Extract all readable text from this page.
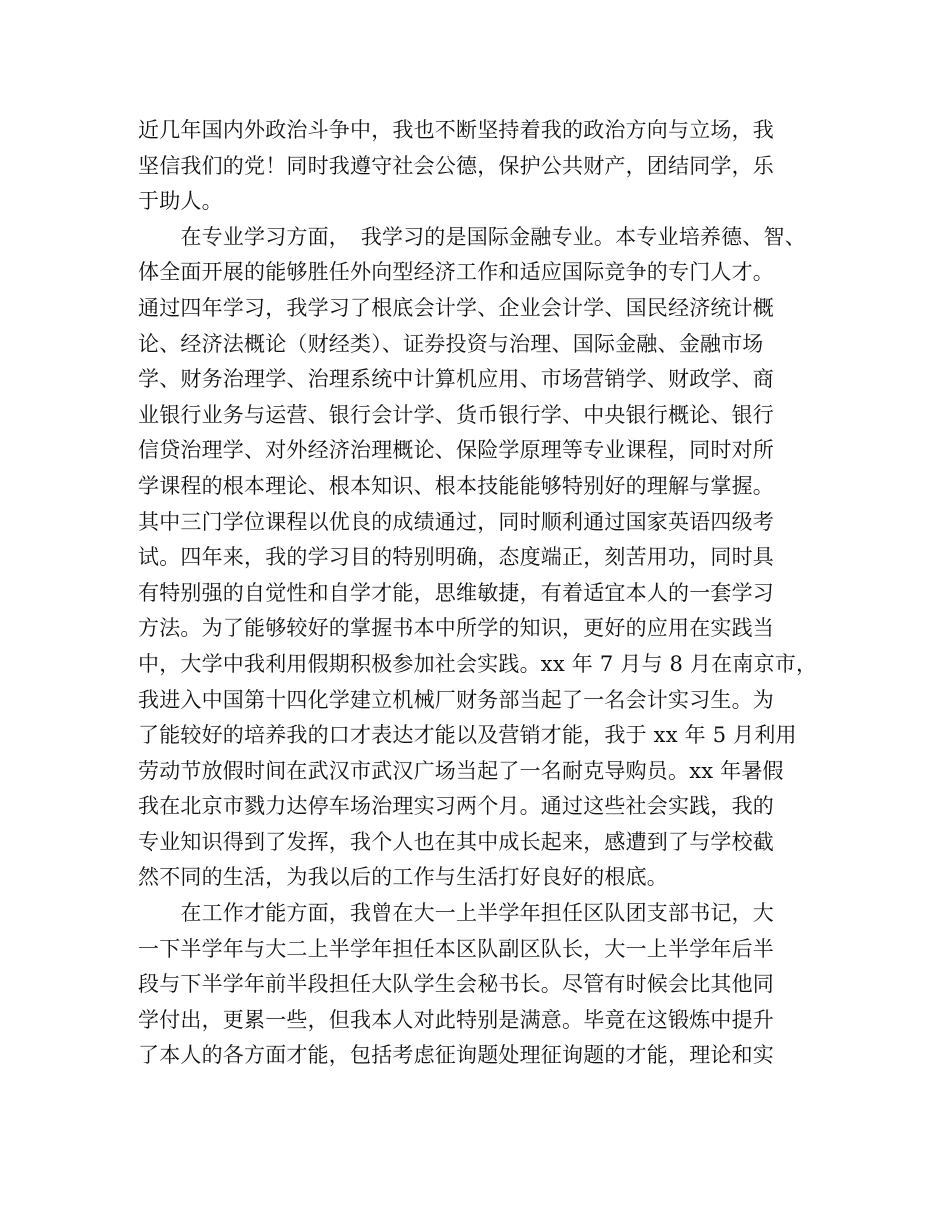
近几年国内外政治斗争中，我也不断坚持着我的政治方向与立场，我
坚信我们的党！同时我遵守社会公德，保护公共财产，团结同学，乐
于助人。
　　在专业学习方面，　我学习的是国际金融专业。本专业培养德、智、
体全面开展的能够胜任外向型经济工作和适应国际竞争的专门人才。
通过四年学习，我学习了根底会计学、企业会计学、国民经济统计概
论、经济法概论（财经类）、证券投资与治理、国际金融、金融市场
学、财务治理学、治理系统中计算机应用、市场营销学、财政学、商
业银行业务与运营、银行会计学、货币银行学、中央银行概论、银行
信贷治理学、对外经济治理概论、保险学原理等专业课程，同时对所
学课程的根本理论、根本知识、根本技能能够特别好的理解与掌握。
其中三门学位课程以优良的成绩通过，同时顺利通过国家英语四级考
试。四年来，我的学习目的特别明确，态度端正，刻苦用功，同时具
有特别强的自觉性和自学才能，思维敏捷，有着适宜本人的一套学习
方法。为了能够较好的掌握书本中所学的知识，更好的应用在实践当
中，大学中我利用假期积极参加社会实践。xx 年 7 月与 8 月在南京市，
我进入中国第十四化学建立机械厂财务部当起了一名会计实习生。为
了能较好的培养我的口才表达才能以及营销才能，我于 xx 年 5 月利用
劳动节放假时间在武汉市武汉广场当起了一名耐克导购员。xx 年暑假
我在北京市戮力达停车场治理实习两个月。通过这些社会实践，我的
专业知识得到了发挥，我个人也在其中成长起来，感遭到了与学校截
然不同的生活，为我以后的工作与生活打好良好的根底。
　　在工作才能方面，我曾在大一上半学年担任区队团支部书记，大
一下半学年与大二上半学年担任本区队副区队长，大一上半学年后半
段与下半学年前半段担任大队学生会秘书长。尽管有时候会比其他同
学付出，更累一些，但我本人对此特别是满意。毕竟在这锻炼中提升
了本人的各方面才能，包括考虑征询题处理征询题的才能，理论和实
